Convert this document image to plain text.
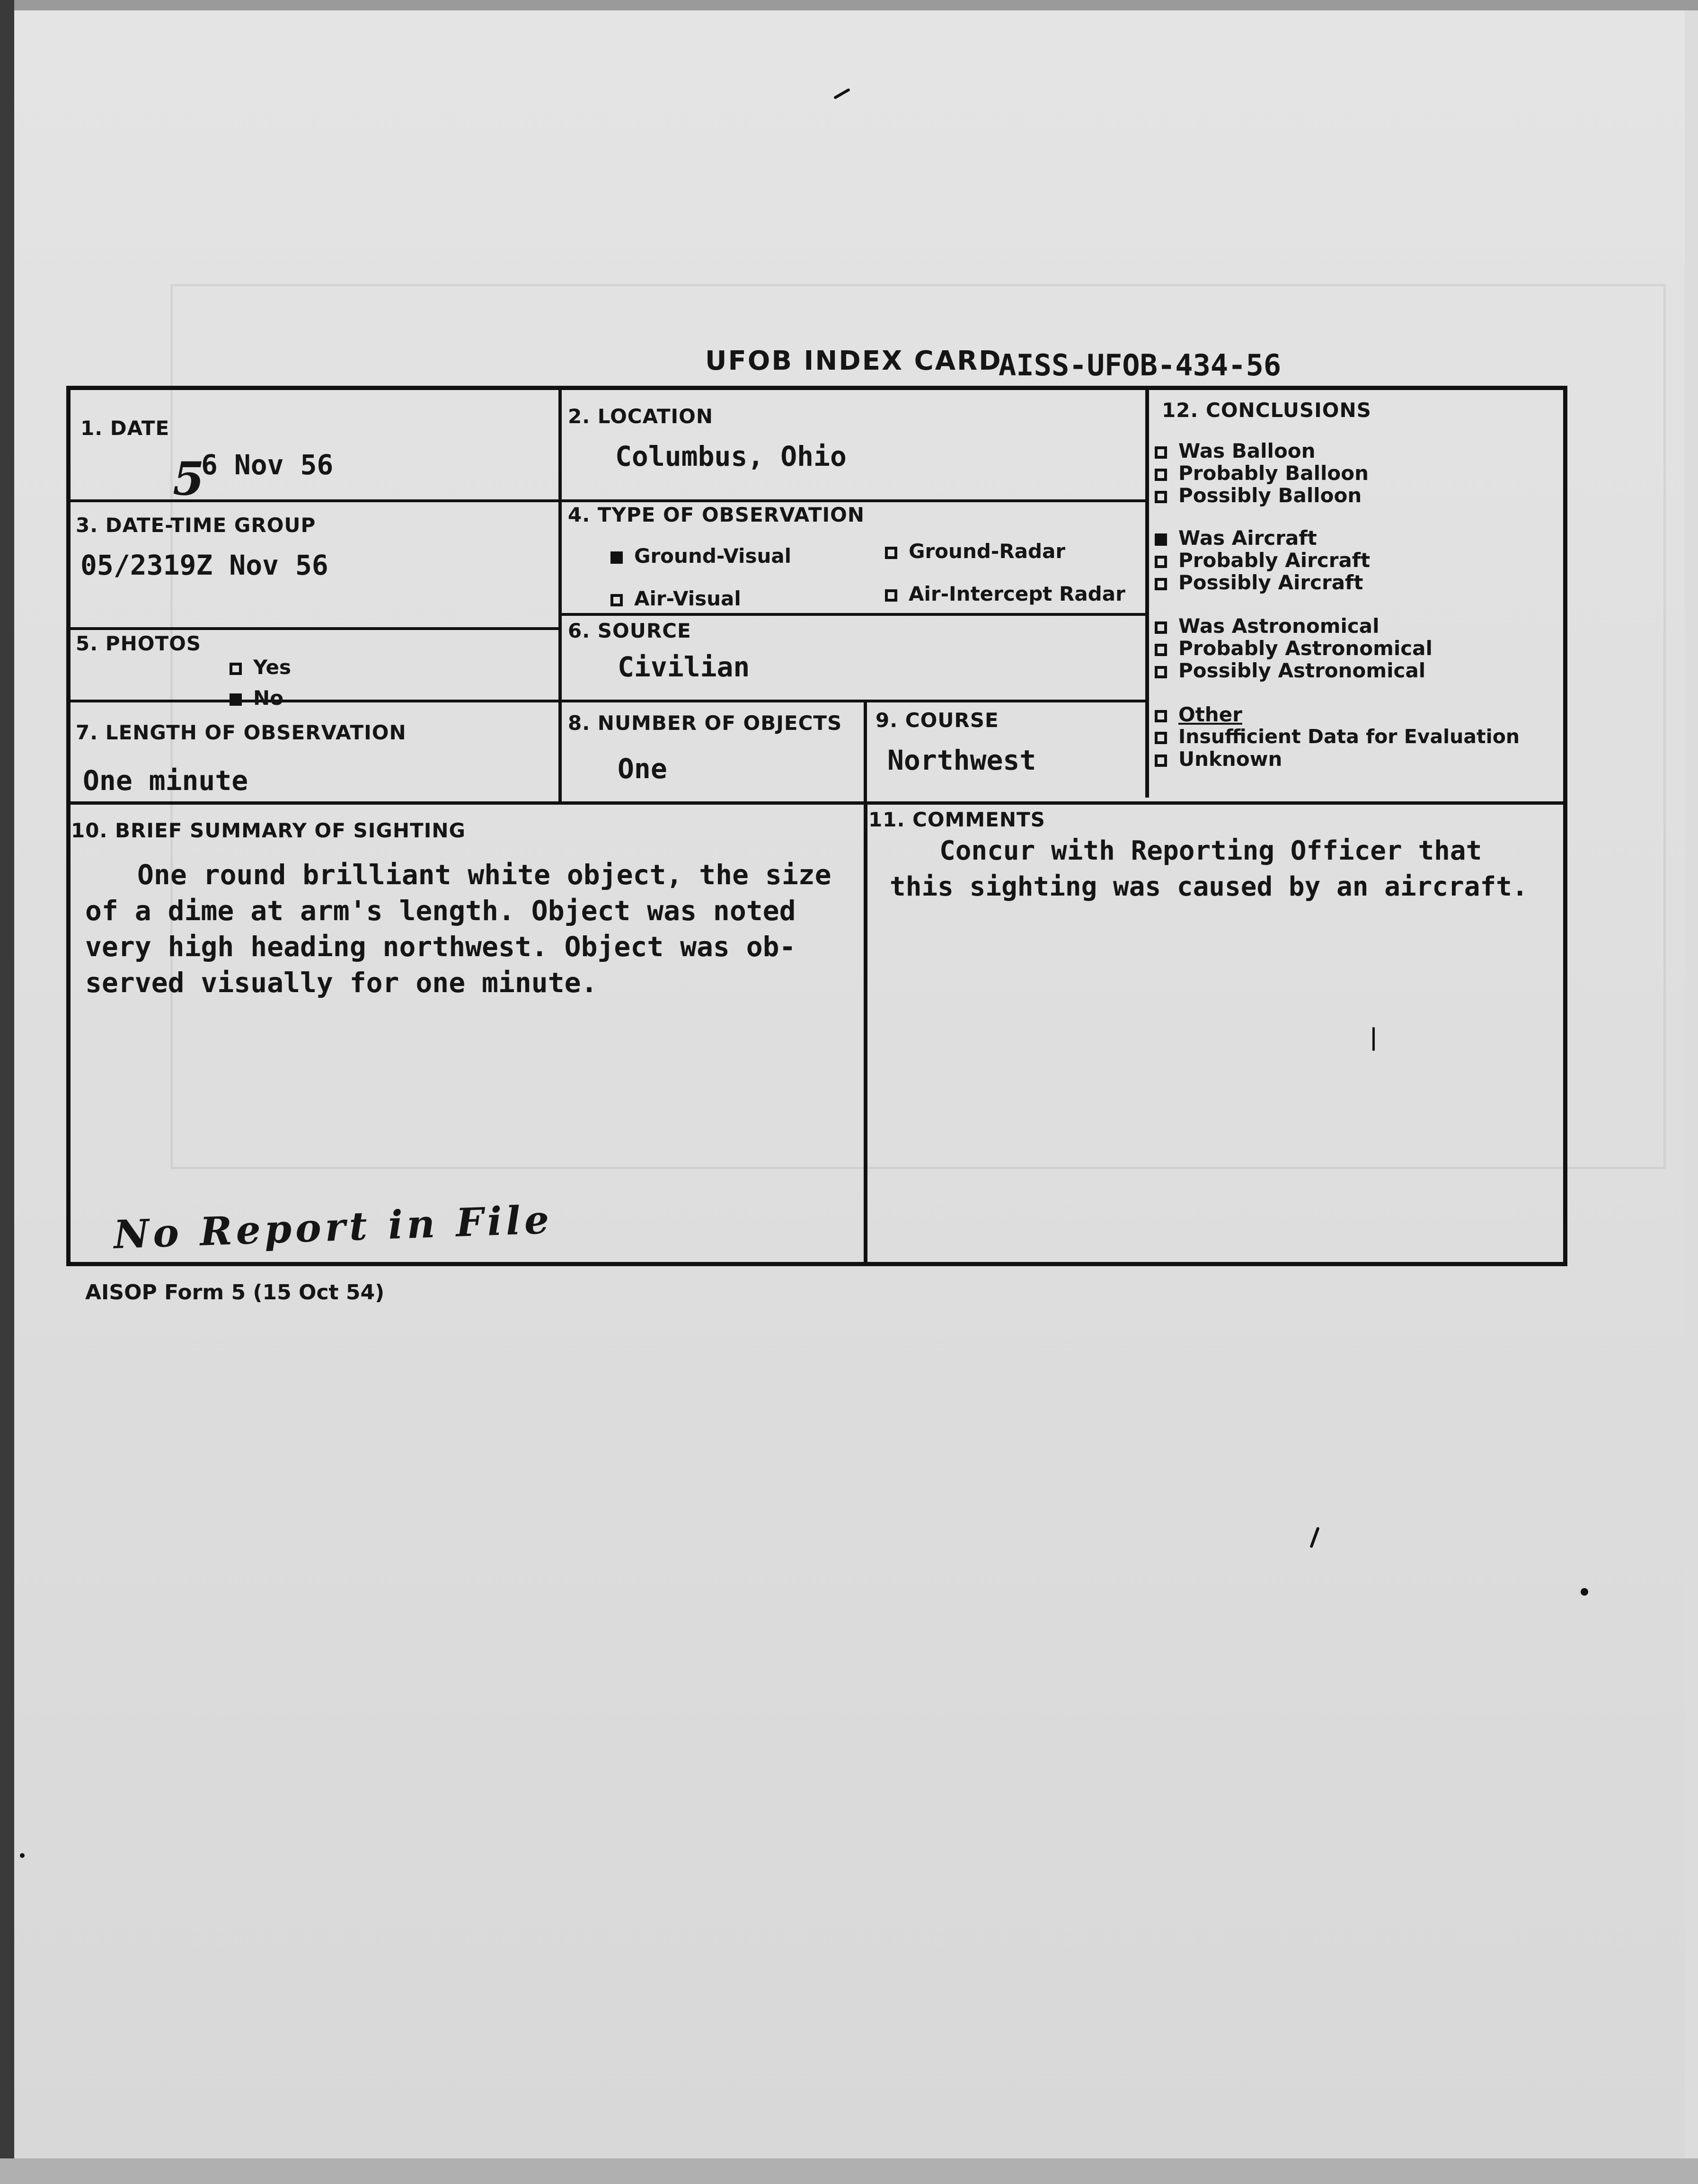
UFOB INDEX CARD
AISS-UFOB-434-56
1. DATE
5
6 Nov 56
2. LOCATION
Columbus, Ohio
3. DATE-TIME GROUP
05/2319Z Nov 56
4. TYPE OF OBSERVATION
Ground-Visual	Ground-Radar
Air-Visual	Air-Intercept Radar
5. PHOTOS
Yes
No
6. SOURCE
Civilian
7. LENGTH OF OBSERVATION
One minute
8. NUMBER OF OBJECTS
One
9. COURSE
Northwest
12. CONCLUSIONS
Was Balloon
Probably Balloon
Possibly Balloon
Was Aircraft
Probably Aircraft
Possibly Aircraft
Was Astronomical
Probably Astronomical
Possibly Astronomical
Other
Insufficient Data for Evaluation
Unknown
10. BRIEF SUMMARY OF SIGHTING

One round brilliant white object, the size

of a dime at arm's length. Object was noted

very high heading northwest. Object was ob-

served visually for one minute.

11. COMMENTS

Concur with Reporting Officer that

this sighting was caused by an aircraft.

No Report in File
AISOP Form 5 (15 Oct 54)
